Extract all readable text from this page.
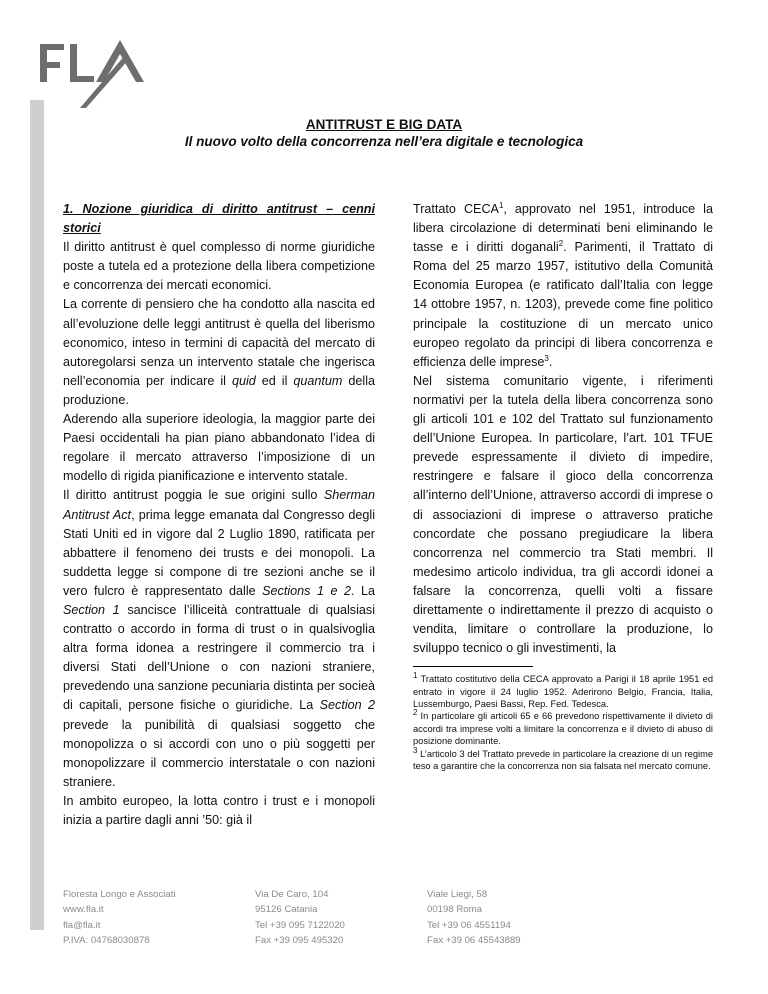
ANTITRUST E BIG DATA
Il nuovo volto della concorrenza nell’era digitale e tecnologica

1. Nozione giuridica di diritto antitrust – cenni storici

Il diritto antitrust è quel complesso di norme giuridiche poste a tutela ed a protezione della libera competizione e concorrenza dei mercati economici.

La corrente di pensiero che ha condotto alla nascita ed all’evoluzione delle leggi antitrust è quella del liberismo economico, inteso in termini di capacità del mercato di autoregolarsi senza un intervento statale che ingerisca nell’economia per indicare il quid ed il quantum della produzione.

Aderendo alla superiore ideologia, la maggior parte dei Paesi occidentali ha pian piano abbandonato l’idea di regolare il mercato attraverso l’imposizione di un modello di rigida pianificazione e intervento statale.

Il diritto antitrust poggia le sue origini sullo Sherman Antitrust Act, prima legge emanata dal Congresso degli Stati Uniti ed in vigore dal 2 Luglio 1890, ratificata per abbattere il fenomeno dei trusts e dei monopoli. La suddetta legge si compone di tre sezioni anche se il vero fulcro è rappresentato dalle Sections 1 e 2. La Section 1 sancisce l’illiceità contrattuale di qualsiasi contratto o accordo in forma di trust o in qualsivoglia altra forma idonea a restringere il commercio tra i diversi Stati dell’Unione o con nazioni straniere, prevedendo una sanzione pecuniaria distinta per socieà di capitali, persone fisiche o giuridiche. La Section 2 prevede la punibilità di qualsiasi soggetto che monopolizza o si accordi con uno o più soggetti per monopolizzare il commercio interstatale o con nazioni straniere.

In ambito europeo, la lotta contro i trust e i monopoli inizia a partire dagli anni ’50: già il

Trattato CECA$^1$, approvato nel 1951, introduce la libera circolazione di determinati beni eliminando le tasse e i diritti doganali$^2$. Parimenti, il Trattato di Roma del 25 marzo 1957, istitutivo della Comunità Economia Europea (e ratificato dall’Italia con legge 14 ottobre 1957, n. 1203), prevede come fine politico principale la costituzione di un mercato unico europeo regolato da principi di libera concorrenza e efficienza delle imprese$^3$.

Nel sistema comunitario vigente, i riferimenti normativi per la tutela della libera concorrenza sono gli articoli 101 e 102 del Trattato sul funzionamento dell’Unione Europea. In particolare, l’art. 101 TFUE prevede espressamente il divieto di impedire, restringere e falsare il gioco della concorrenza all’interno dell’Unione, attraverso accordi di imprese o di associazioni di imprese o attraverso pratiche concordate che possano pregiudicare la libera concorrenza nel commercio tra Stati membri. Il medesimo articolo individua, tra gli accordi idonei a falsare la concorrenza, quelli volti a fissare direttamente o indirettamente il prezzo di acquisto o vendita, limitare o controllare la produzione, lo sviluppo tecnico o gli investimenti, la

$^1$ Trattato costitutivo della CECA approvato a Parigi il 18 aprile 1951 ed entrato in vigore il 24 luglio 1952. Aderirono Belgio, Francia, Italia, Lussemburgo, Paesi Bassi, Rep. Fed. Tedesca.

$^2$ In particolare gli articoli 65 e 66 prevedono rispettivamente il divieto di accordi tra imprese volti a limitare la concorrenza e il divieto di abuso di posizione dominante.

$^3$ L’articolo 3 del Trattato prevede in particolare la creazione di un regime teso a garantire che la concorrenza non sia falsata nel mercato comune.

Floresta Longo e Associati
www.fla.it
fla@fla.it
P.IVA: 04768030878
Via De Caro, 104
95126 Catania
Tel +39 095 7122020
Fax +39 095 495320
Viale Liegi, 58
00198 Roma
Tel +39 06 4551194
Fax +39 06 45543889
